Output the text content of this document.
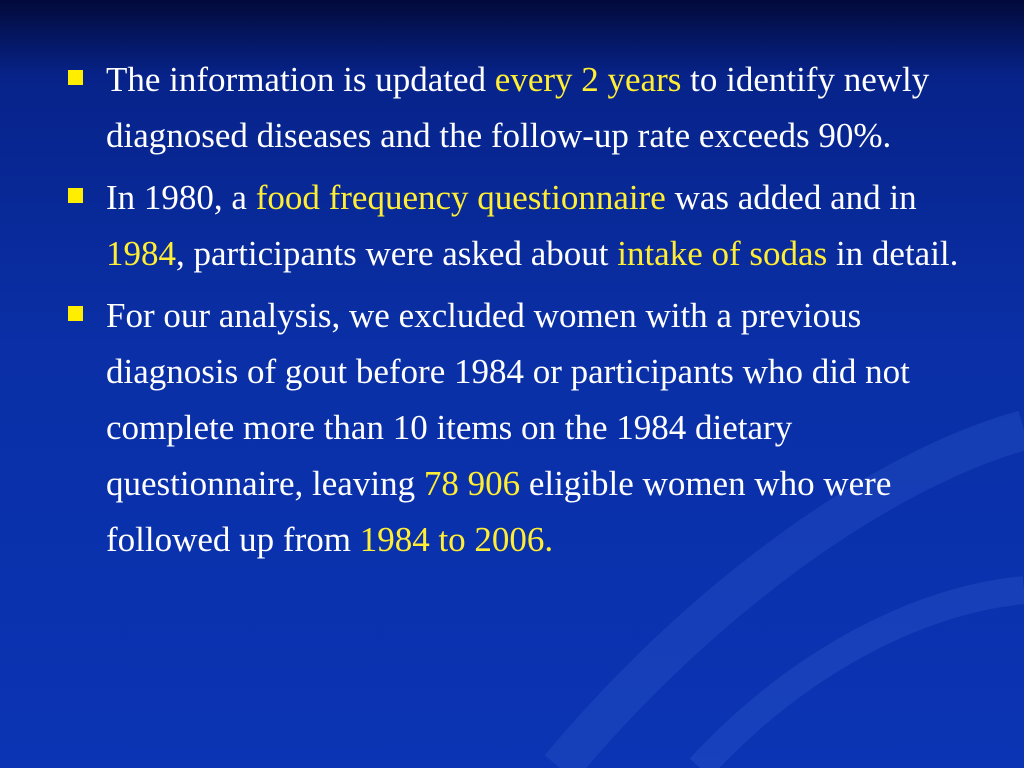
The information is updated every 2 years to identify newly diagnosed diseases and the follow-up rate exceeds 90%.
In 1980, a food frequency questionnaire was added and in 1984, participants were asked about intake of sodas in detail.
For our analysis, we excluded women with a previous diagnosis of gout before 1984 or participants who did not complete more than 10 items on the 1984 dietary questionnaire, leaving 78 906 eligible women who were followed up from 1984 to 2006.
